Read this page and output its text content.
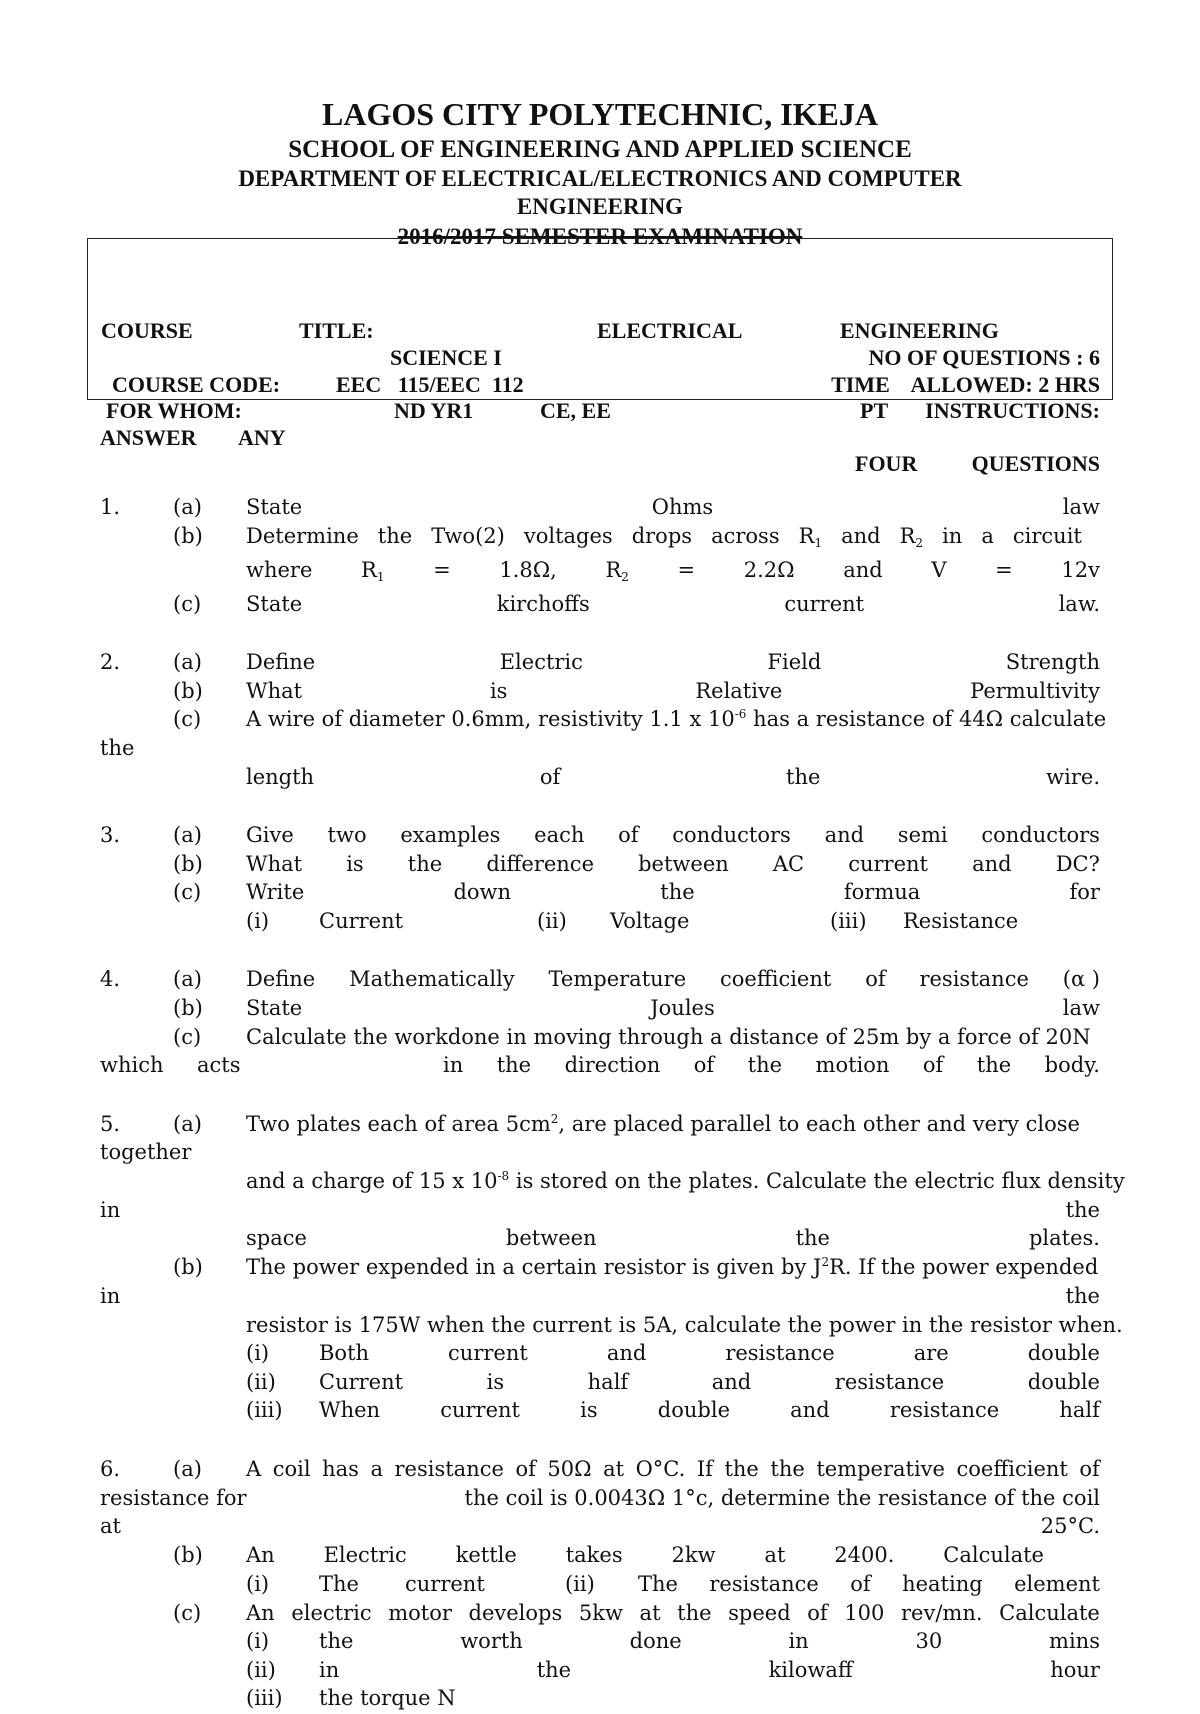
LAGOS CITY POLYTECHNIC, IKEJA
SCHOOL OF ENGINEERING AND APPLIED SCIENCE
DEPARTMENT OF ELECTRICAL/ELECTRONICS AND COMPUTER
ENGINEERING
2016/2017 SEMESTER EXAMINATION
COURSE	TITLE:	ELECTRICAL	ENGINEERING
SCIENCE I	NO OF QUESTIONS : 6
COURSE CODE:	EEC   115/EEC  112	TIME    ALLOWED: 2 HRS
FOR WHOM:	ND YR1	CE, EE	PT INSTRUCTIONS:
ANSWER ANY
FOUR QUESTIONS
1.	(a) State	Ohms	law
(b) Determine the Two(2) voltages drops across $R_1$ and $R_2$ in a circuit
where $R_1 = 1.8\Omega$, $R_2 = 2.2\Omega$ and V = 12v
(c) State	kirchoffs	current	law.
2.	(a) Define	Electric	Field	Strength
(b) What	is	Relative	Permultivity
(c) A wire of diameter 0.6mm, resistivity 1.1 x $10^{-6}$ has a resistance of 44Ω calculate
the
length	of	the	wire.
3.	(a) Give two examples each of conductors and semi conductors
(b) What is the difference between AC current and DC?
(c) Write	down	the	formua	for
(i) Current	(ii) Voltage	(iii) Resistance
4.	(a) Define Mathematically Temperature coefficient of resistance (α )
(b) State	Joules	law
(c) Calculate the workdone in moving through a distance of 25m by a force of 20N
which acts	in the direction of the motion of the body.
5.	(a) Two plates each of area $5cm^2$, are placed parallel to each other and very close
together
and a charge of 15 x $10^{-8}$ is stored on the plates. Calculate the electric flux density
in	the
space	between	the	plates.
(b) The power expended in a certain resistor is given by $J^2R$. If the power expended
in	the
resistor is 175W when the current is 5A, calculate the power in the resistor when.
(i) Both	current	and	resistance	are	double
(ii) Current	is	half	and	resistance	double
(iii) When	current	is	double	and	resistance	half
6.	(a) A coil has a resistance of 50Ω at O°C. If the the temperative coefficient of
resistance for	the coil is 0.0043Ω 1°c, determine the resistance of the coil
at	25°C.
(b) An Electric kettle takes 2kw at 2400. Calculate
(i) The current	(ii) The resistance of heating element
(c) An electric motor develops 5kw at the speed of 100 rev/mn. Calculate
(i) the	worth	done	in	30	mins
(ii) in	the	kilowaff	hour
(iii) the torque N
